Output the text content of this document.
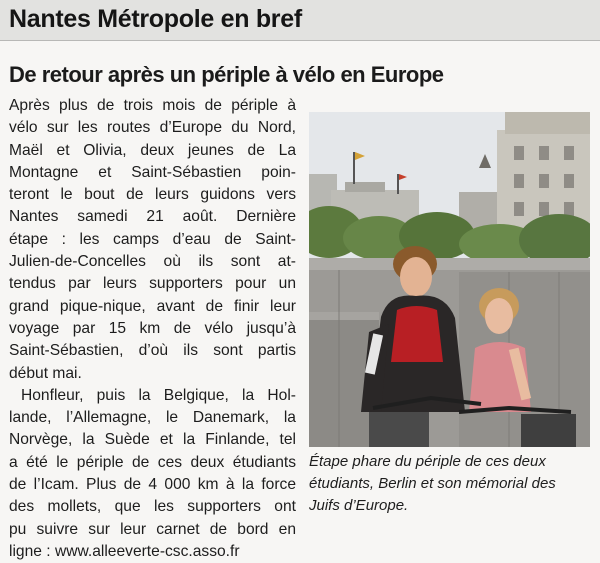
Nantes Métropole en bref
De retour après un périple à vélo en Europe

Après plus de trois mois de périple à

vélo sur les routes d’Europe du Nord,

Maël et Olivia, deux jeunes de La

Montagne et Saint-Sébastien poin-

teront le bout de leurs guidons vers

Nantes samedi 21 août. Dernière

étape : les camps d’eau de Saint-

Julien-de-Concelles où ils sont at-

tendus par leurs supporters pour un

grand pique-nique, avant de finir leur

voyage par 15 km de vélo jusqu’à

Saint-Sébastien, d’où ils sont partis

début mai.

Honfleur, puis la Belgique, la Hol-

lande, l’Allemagne, le Danemark, la

Norvège, la Suède et la Finlande, tel

a été le périple de ces deux étudiants

de l’Icam. Plus de 4 000 km à la force

des mollets, que les supporters ont

pu suivre sur leur carnet de bord en

ligne : www.alleeverte-csc.asso.fr

Étape phare du périple de ces deux
étudiants, Berlin et son mémorial des
Juifs d’Europe.
